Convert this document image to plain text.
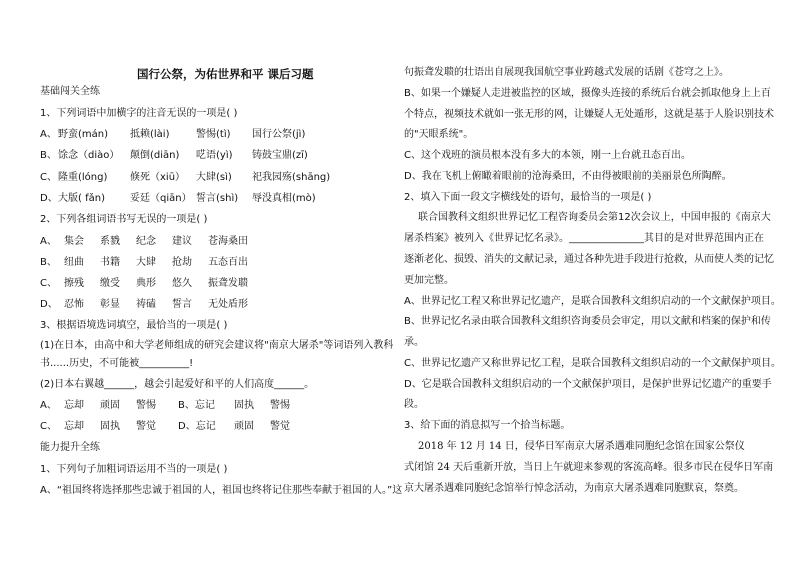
国行公祭，为佑世界和平 课后习题
基础闯关全练
1、下列词语中加横字的注音无误的一项是( )
A、野蛮(mán) 抵赖(lài)	警惕(tì) 国行公祭(jì)
B、馀念（diào） 颠倒(diān) 呓语(yì) 铸鼓宝鼎(zī)
C、隆重(lóng) 倏死（xiū） 大肆(sì) 祀我园殇(shāng)
D、大版( fǎn)	妥廷（qiān） 誓言(shì) 辱没真相(mò)
2、下列各组词语书写无误的一项是( )
A、 集会 系戮 纪念 建议 苍海桑田
B、 纽曲 书籍 大肆 抢劫 五态百出
C、 擦残 缴受 典形 悠久 振聋发聩
D、 忍怖 彰显 祷磕 誓言 无处盾形
3、根据语境选词填空，最恰当的一项是( )
(1)在日本，由高中和大学老师组成的研究会建议将"南京大屠杀"等词语列入教科
书......历史，不可能被__________!
(2)日本右翼越______，越会引起爱好和平的人们高度______。
A、 忘却 顽固 警惕 B、忘记 固执 警惕
C、 忘却 固执 警觉 D、忘记 顽固 警觉
能力提升全练
1、下列句子加粗词语运用不当的一项是( )
A、“祖国终将选择那些忠诚于祖国的人，祖国也终将记住那些奉献于祖国的人。”这
句振聋发聩的壮语出自展现我国航空事业跨越式发展的话剧《苍穹之上》。
B、如果一个嫌疑人走进被监控的区域，摄像头连接的系统后台就会抓取他身上上百
个特点，视频技术就如一张无形的网，让嫌疑人无处遁形，这就是基于人脸识别技术
的"天眼系统"。
C、这个戏班的演员根本没有多大的本领，刚一上台就丑态百出。
D、我在飞机上俯瞰着眼前的沧海桑田，不由得被眼前的美丽景色所陶醉。
2、填入下面一段文字横线处的语句，最恰当的一项是( )
联合国教科文组织世界记忆工程咨询委员会第12次会议上，中国申报的《南京大
屠杀档案》被列入《世界记忆名录》。_______________其目的是对世界范围内正在
逐渐老化、损毁、消失的文献记录，通过各种先进手段进行抢救，从而使人类的记忆
更加完整。
A、世界记忆工程又称世界记忆遗产，是联合国教科文组织启动的一个文献保护项目。
B、世界记忆名录由联合国教科文组织咨询委员会审定，用以文献和档案的保护和传
承。
C、世界记忆遗产又称世界记忆工程，是联合国教科文组织启动的一个文献保护项目。
D、它是联合国教科文组织启动的一个文献保护项目，是保护世界记忆遗产的重要手
段。
3、给下面的消息拟写一个拾当标题。
2018 年 12 月 14 日，侵华日军南京大屠杀遇难同胞纪念馆在国家公祭仪
式闭馆 24 天后重新开放，当日上午就迎来参观的客流高峰。很多市民在侵华日军南
京大屠杀遇难同胞纪念馆举行悼念活动，为南京大屠杀遇难同胞默哀，祭奠。
